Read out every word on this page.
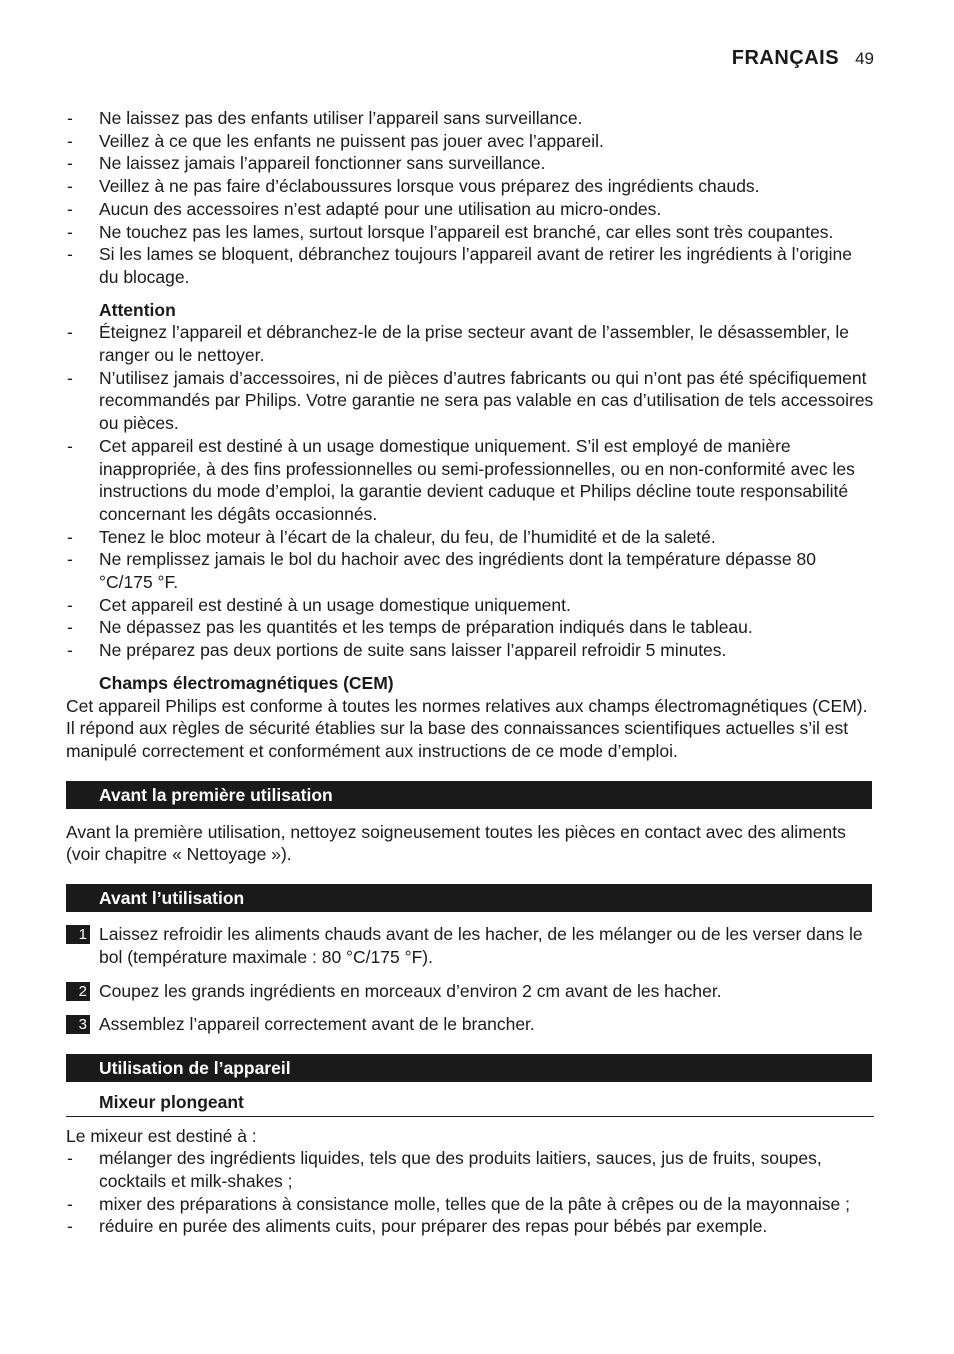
FRANÇAIS 49
- Ne laissez pas des enfants utiliser l’appareil sans surveillance.
- Veillez à ce que les enfants ne puissent pas jouer avec l’appareil.
- Ne laissez jamais l’appareil fonctionner sans surveillance.
- Veillez à ne pas faire d’éclaboussures lorsque vous préparez des ingrédients chauds.
- Aucun des accessoires n’est adapté pour une utilisation au micro-ondes.
- Ne touchez pas les lames, surtout lorsque l’appareil est branché, car elles sont très coupantes.
- Si les lames se bloquent, débranchez toujours l’appareil avant de retirer les ingrédients à l’origine du blocage.
Attention
- Éteignez l’appareil et débranchez-le de la prise secteur avant de l’assembler, le désassembler, le ranger ou le nettoyer.
- N’utilisez jamais d’accessoires, ni de pièces d’autres fabricants ou qui n’ont pas été spécifiquement recommandés par Philips. Votre garantie ne sera pas valable en cas d’utilisation de tels accessoires ou pièces.
- Cet appareil est destiné à un usage domestique uniquement. S’il est employé de manière inappropriée, à des fins professionnelles ou semi-professionnelles, ou en non-conformité avec les instructions du mode d’emploi, la garantie devient caduque et Philips décline toute responsabilité concernant les dégâts occasionnés.
- Tenez le bloc moteur à l’écart de la chaleur, du feu, de l’humidité et de la saleté.
- Ne remplissez jamais le bol du hachoir avec des ingrédients dont la température dépasse 80 °C/175 °F.
- Cet appareil est destiné à un usage domestique uniquement.
- Ne dépassez pas les quantités et les temps de préparation indiqués dans le tableau.
- Ne préparez pas deux portions de suite sans laisser l’appareil refroidir 5 minutes.
Champs électromagnétiques (CEM)

Cet appareil Philips est conforme à toutes les normes relatives aux champs électromagnétiques (CEM). Il répond aux règles de sécurité établies sur la base des connaissances scientifiques actuelles s’il est manipulé correctement et conformément aux instructions de ce mode d’emploi.

Avant la première utilisation

Avant la première utilisation, nettoyez soigneusement toutes les pièces en contact avec des aliments (voir chapitre « Nettoyage »).

Avant l’utilisation
1 Laissez refroidir les aliments chauds avant de les hacher, de les mélanger ou de les verser dans le bol (température maximale : 80 °C/175 °F).
2 Coupez les grands ingrédients en morceaux d’environ 2 cm avant de les hacher.
3 Assemblez l’appareil correctement avant de le brancher.
Utilisation de l’appareil
Mixeur plongeant

Le mixeur est destiné à :

- mélanger des ingrédients liquides, tels que des produits laitiers, sauces, jus de fruits, soupes, cocktails et milk-shakes ;
- mixer des préparations à consistance molle, telles que de la pâte à crêpes ou de la mayonnaise ;
- réduire en purée des aliments cuits, pour préparer des repas pour bébés par exemple.
